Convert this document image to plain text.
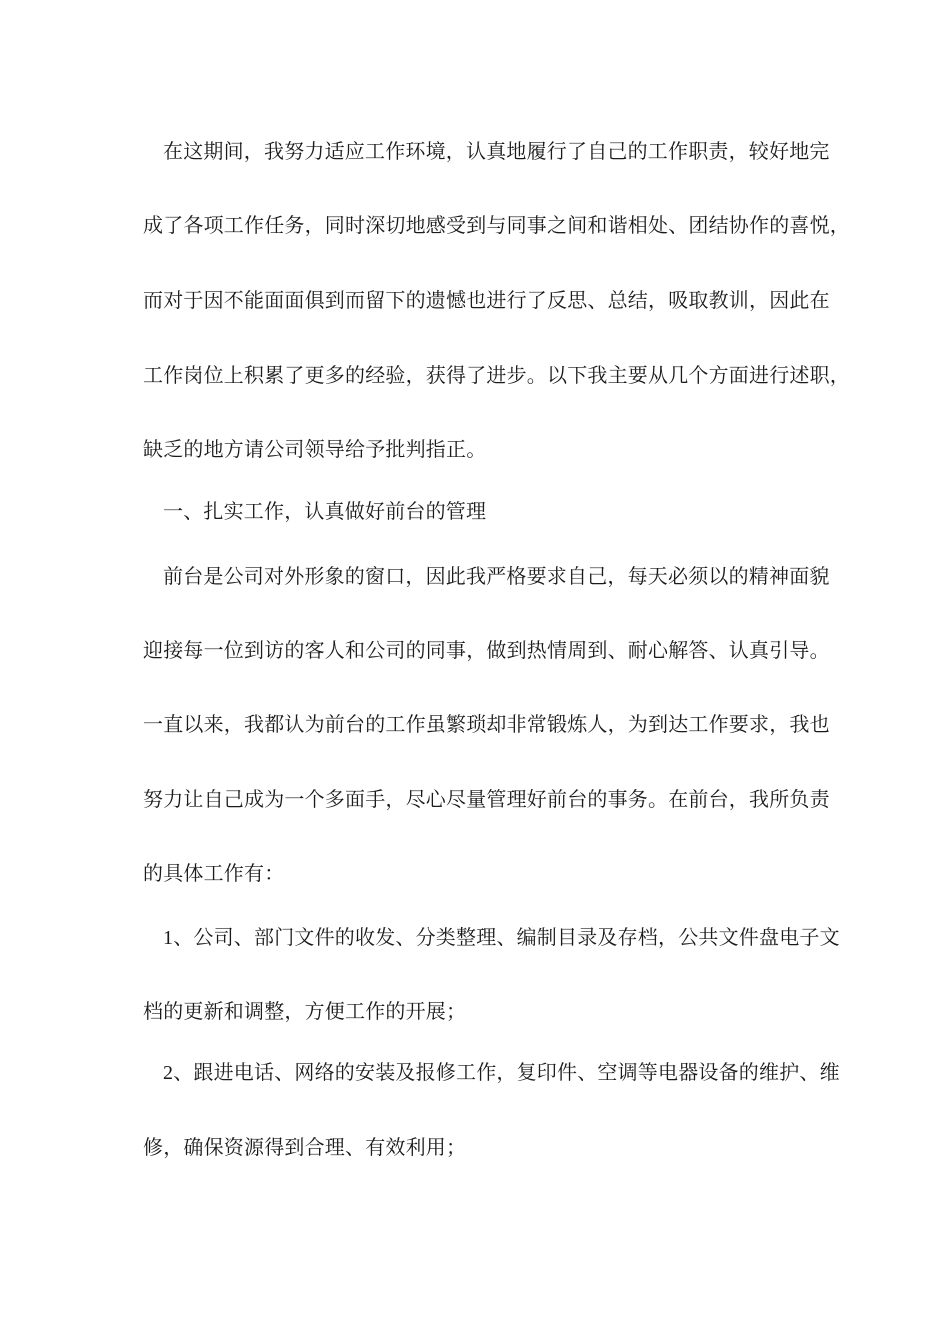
在这期间，我努力适应工作环境，认真地履行了自己的工作职责，较好地完
成了各项工作任务，同时深切地感受到与同事之间和谐相处、团结协作的喜悦，
而对于因不能面面俱到而留下的遗憾也进行了反思、总结，吸取教训，因此在
工作岗位上积累了更多的经验，获得了进步。以下我主要从几个方面进行述职，
缺乏的地方请公司领导给予批判指正。
一、扎实工作，认真做好前台的管理
前台是公司对外形象的窗口，因此我严格要求自己，每天必须以的精神面貌
迎接每一位到访的客人和公司的同事，做到热情周到、耐心解答、认真引导。
一直以来，我都认为前台的工作虽繁琐却非常锻炼人，为到达工作要求，我也
努力让自己成为一个多面手，尽心尽量管理好前台的事务。在前台，我所负责
的具体工作有：
1、公司、部门文件的收发、分类整理、编制目录及存档，公共文件盘电子文
档的更新和调整，方便工作的开展；
2、跟进电话、网络的安装及报修工作，复印件、空调等电器设备的维护、维
修，确保资源得到合理、有效利用；
